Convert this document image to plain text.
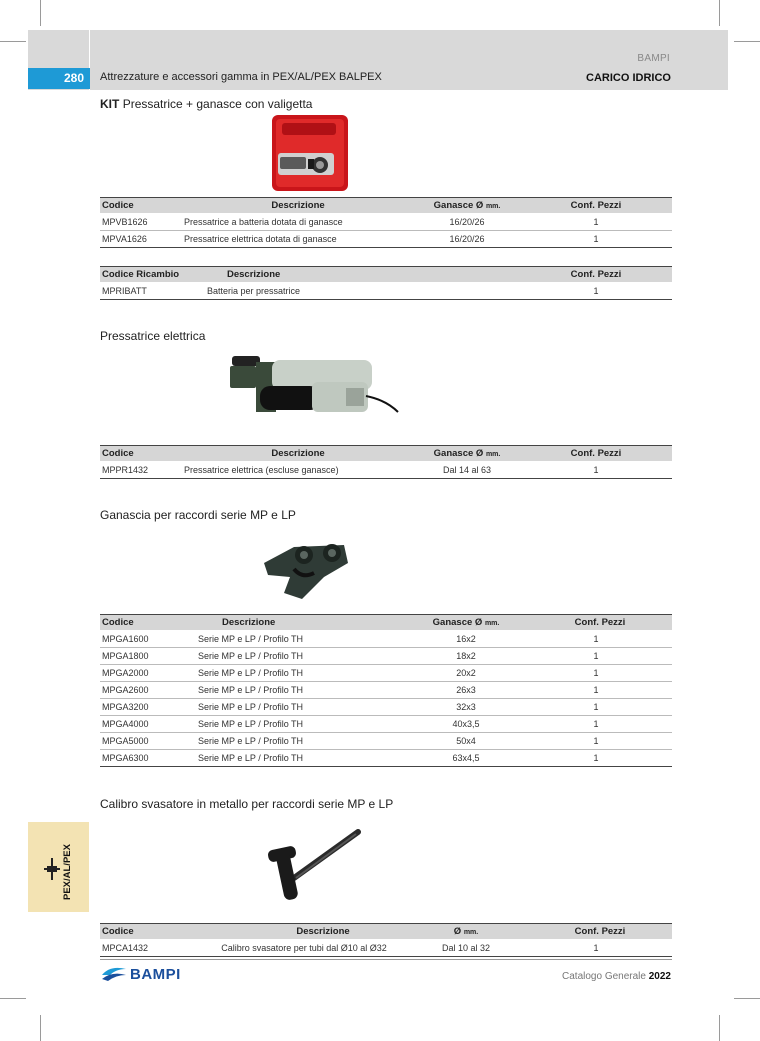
BAMPI
280	Attrezzature e accessori gamma in PEX/AL/PEX BALPEX	CARICO IDRICO
KIT Pressatrice + ganasce con valigetta
Codice	Descrizione	Ganasce Ø mm.	Conf. Pezzi
MPVB1626	Pressatrice a batteria dotata di ganasce	16/20/26	1
MPVA1626	Pressatrice elettrica dotata di ganasce	16/20/26	1
Codice Ricambio	Descrizione	Conf. Pezzi
MPRIBATT	Batteria per pressatrice	1
Pressatrice elettrica
Codice	Descrizione	Ganasce Ø mm.	Conf. Pezzi
MPPR1432	Pressatrice elettrica (escluse ganasce)	Dal 14 al 63	1
Ganascia per raccordi serie MP e LP
Codice	Descrizione	Ganasce Ø mm.	Conf. Pezzi
MPGA1600	Serie MP e LP / Profilo TH	16x2	1
MPGA1800	Serie MP e LP / Profilo TH	18x2	1
MPGA2000	Serie MP e LP / Profilo TH	20x2	1
MPGA2600	Serie MP e LP / Profilo TH	26x3	1
MPGA3200	Serie MP e LP / Profilo TH	32x3	1
MPGA4000	Serie MP e LP / Profilo TH	40x3,5	1
MPGA5000	Serie MP e LP / Profilo TH	50x4	1
MPGA6300	Serie MP e LP / Profilo TH	63x4,5	1
Calibro svasatore in metallo per raccordi serie MP e LP
Codice	Descrizione	Ø mm.	Conf. Pezzi
MPCA1432	Calibro svasatore per tubi dal Ø10 al Ø32	Dal 10 al 32	1
PEX/AL/PEX
BAMPI	Catalogo Generale 2022
